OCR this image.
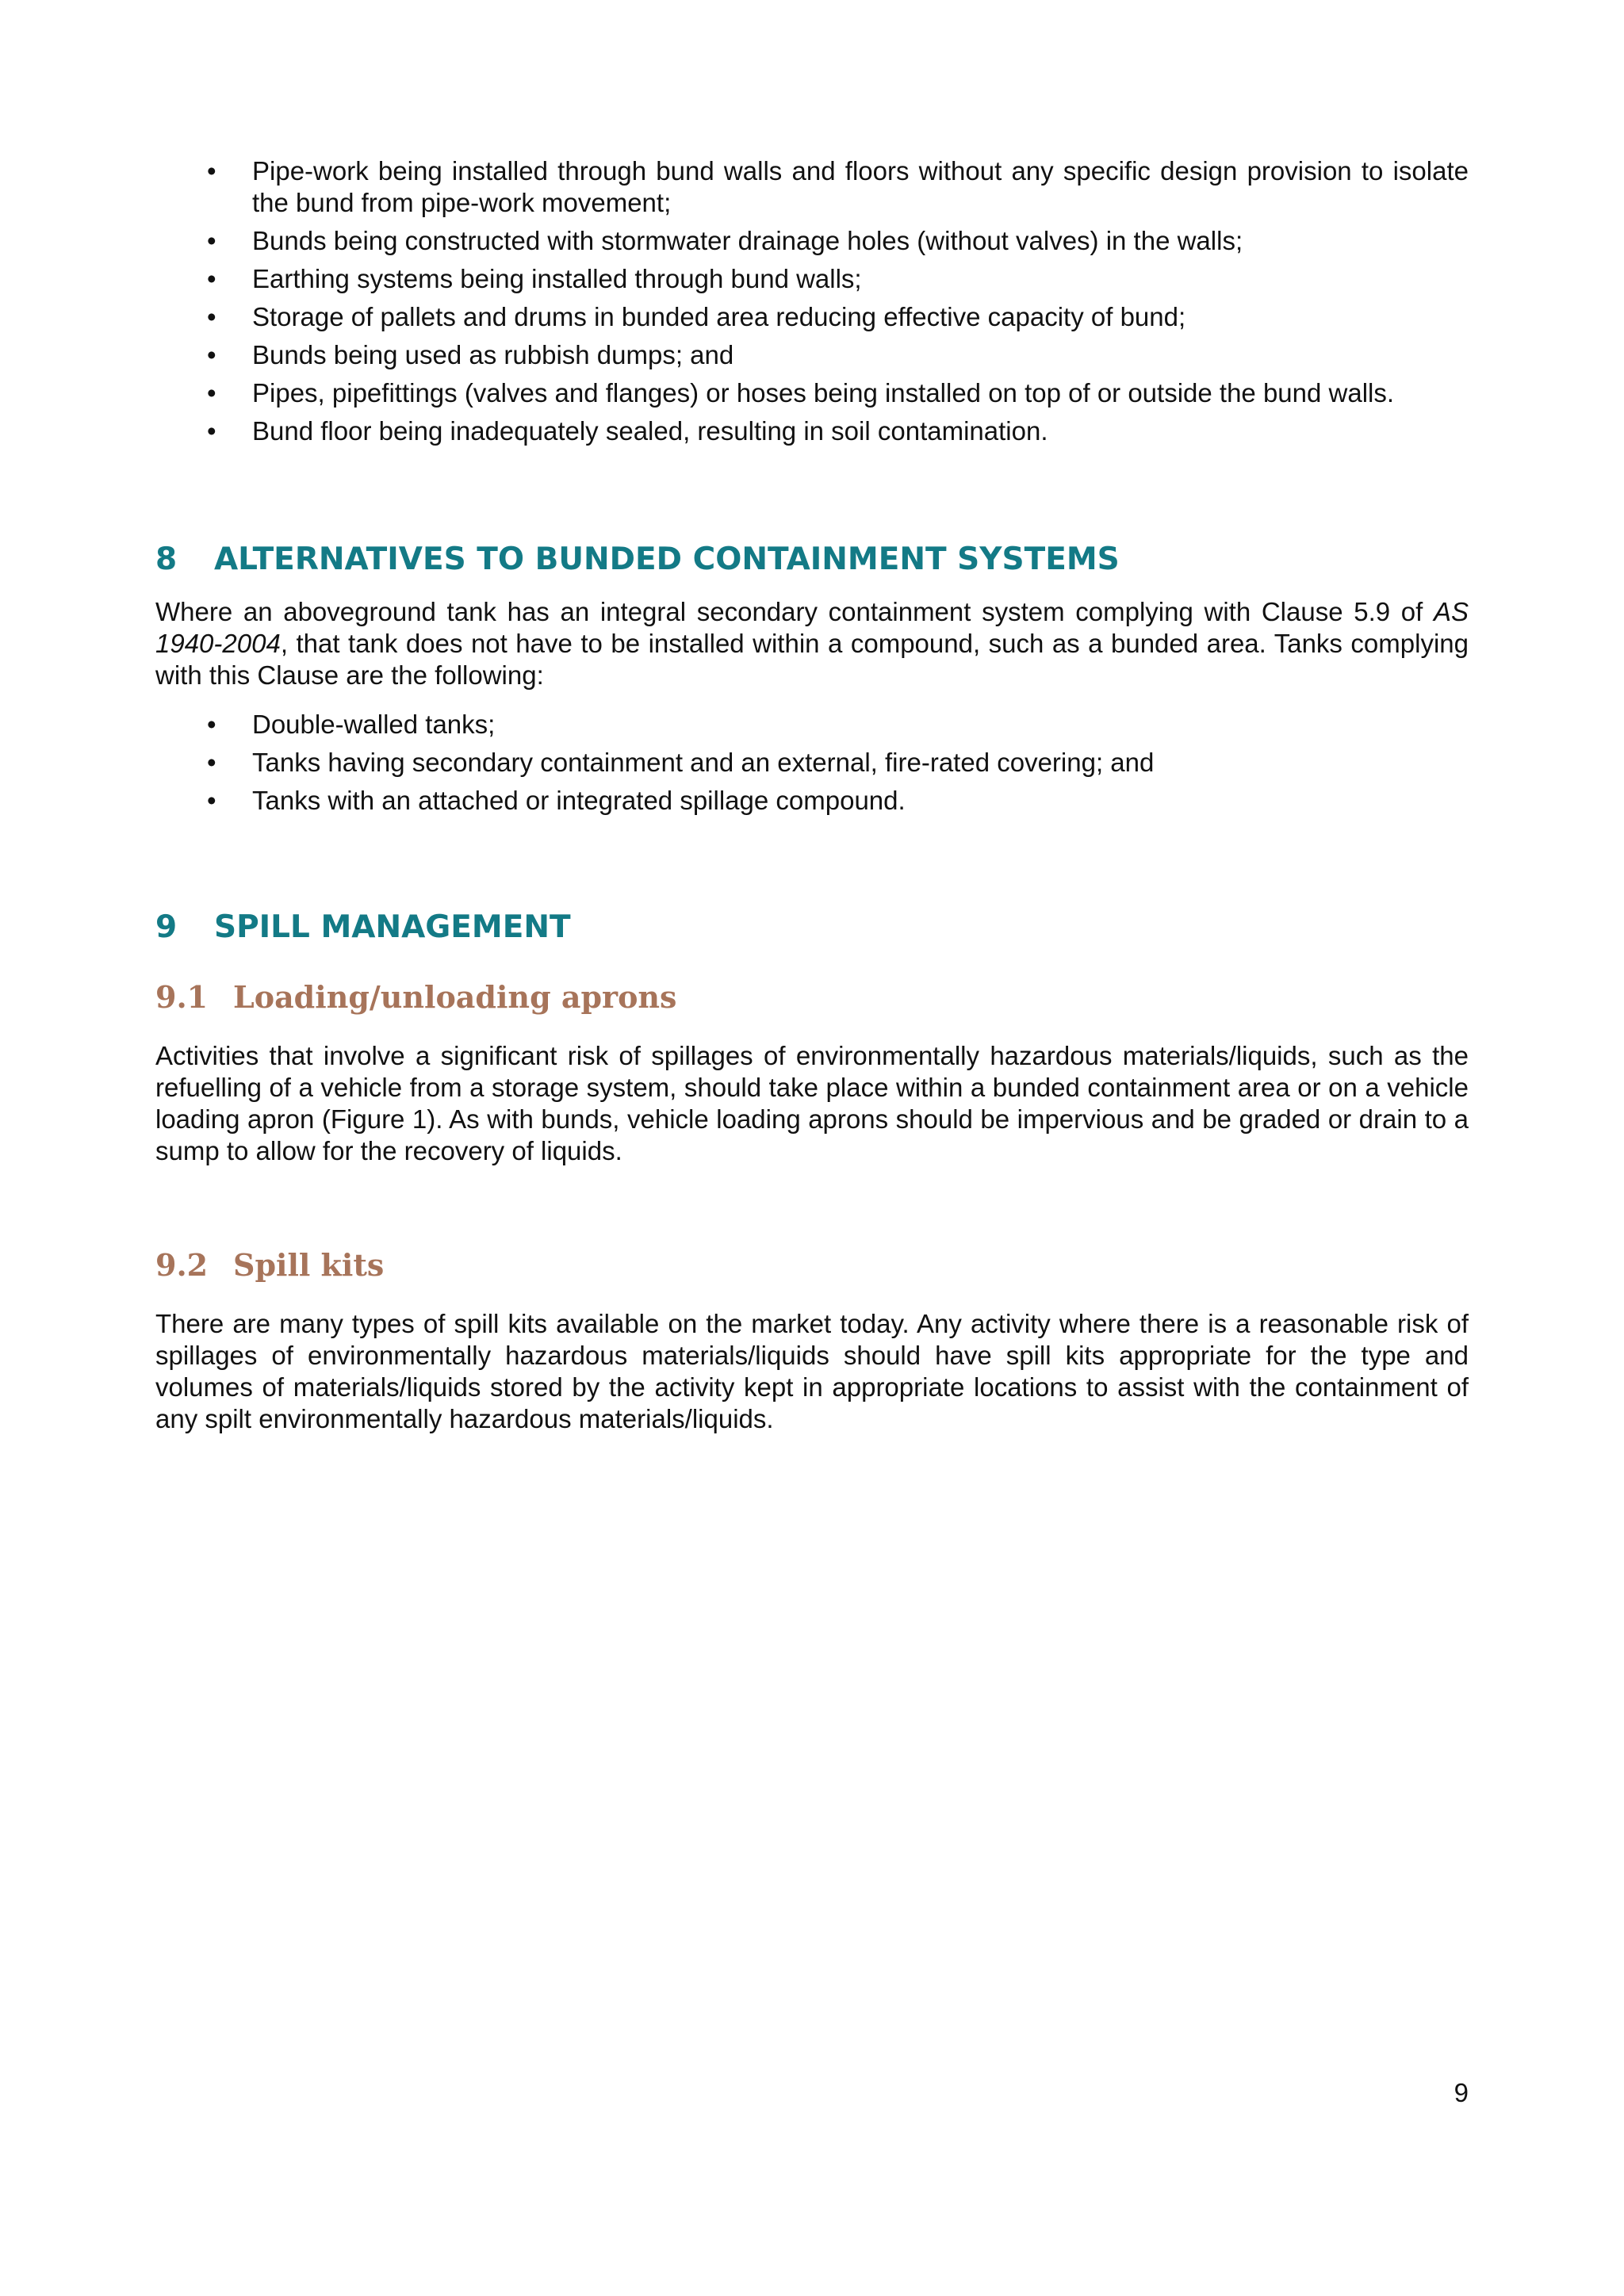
• Pipe-work being installed through bund walls and floors without any specific design provision to isolate the bund from pipe-work movement;
• Bunds being constructed with stormwater drainage holes (without valves) in the walls;
• Earthing systems being installed through bund walls;
• Storage of pallets and drums in bunded area reducing effective capacity of bund;
• Bunds being used as rubbish dumps; and
• Pipes, pipefittings (valves and flanges) or hoses being installed on top of or outside the bund walls.
• Bund floor being inadequately sealed, resulting in soil contamination.
8	ALTERNATIVES TO BUNDED CONTAINMENT SYSTEMS

Where an aboveground tank has an integral secondary containment system complying with Clause 5.9 of AS 1940-2004, that tank does not have to be installed within a compound, such as a bunded area. Tanks complying with this Clause are the following:

• Double-walled tanks;
• Tanks having secondary containment and an external, fire-rated covering; and
• Tanks with an attached or integrated spillage compound.
9	SPILL MANAGEMENT
9.1 Loading/unloading aprons

Activities that involve a significant risk of spillages of environmentally hazardous materials/liquids, such as the refuelling of a vehicle from a storage system, should take place within a bunded containment area or on a vehicle loading apron (Figure 1). As with bunds, vehicle loading aprons should be impervious and be graded or drain to a sump to allow for the recovery of liquids.

9.2 Spill kits

There are many types of spill kits available on the market today. Any activity where there is a reasonable risk of spillages of environmentally hazardous materials/liquids should have spill kits appropriate for the type and volumes of materials/liquids stored by the activity kept in appropriate locations to assist with the containment of any spilt environmentally hazardous materials/liquids.

9
